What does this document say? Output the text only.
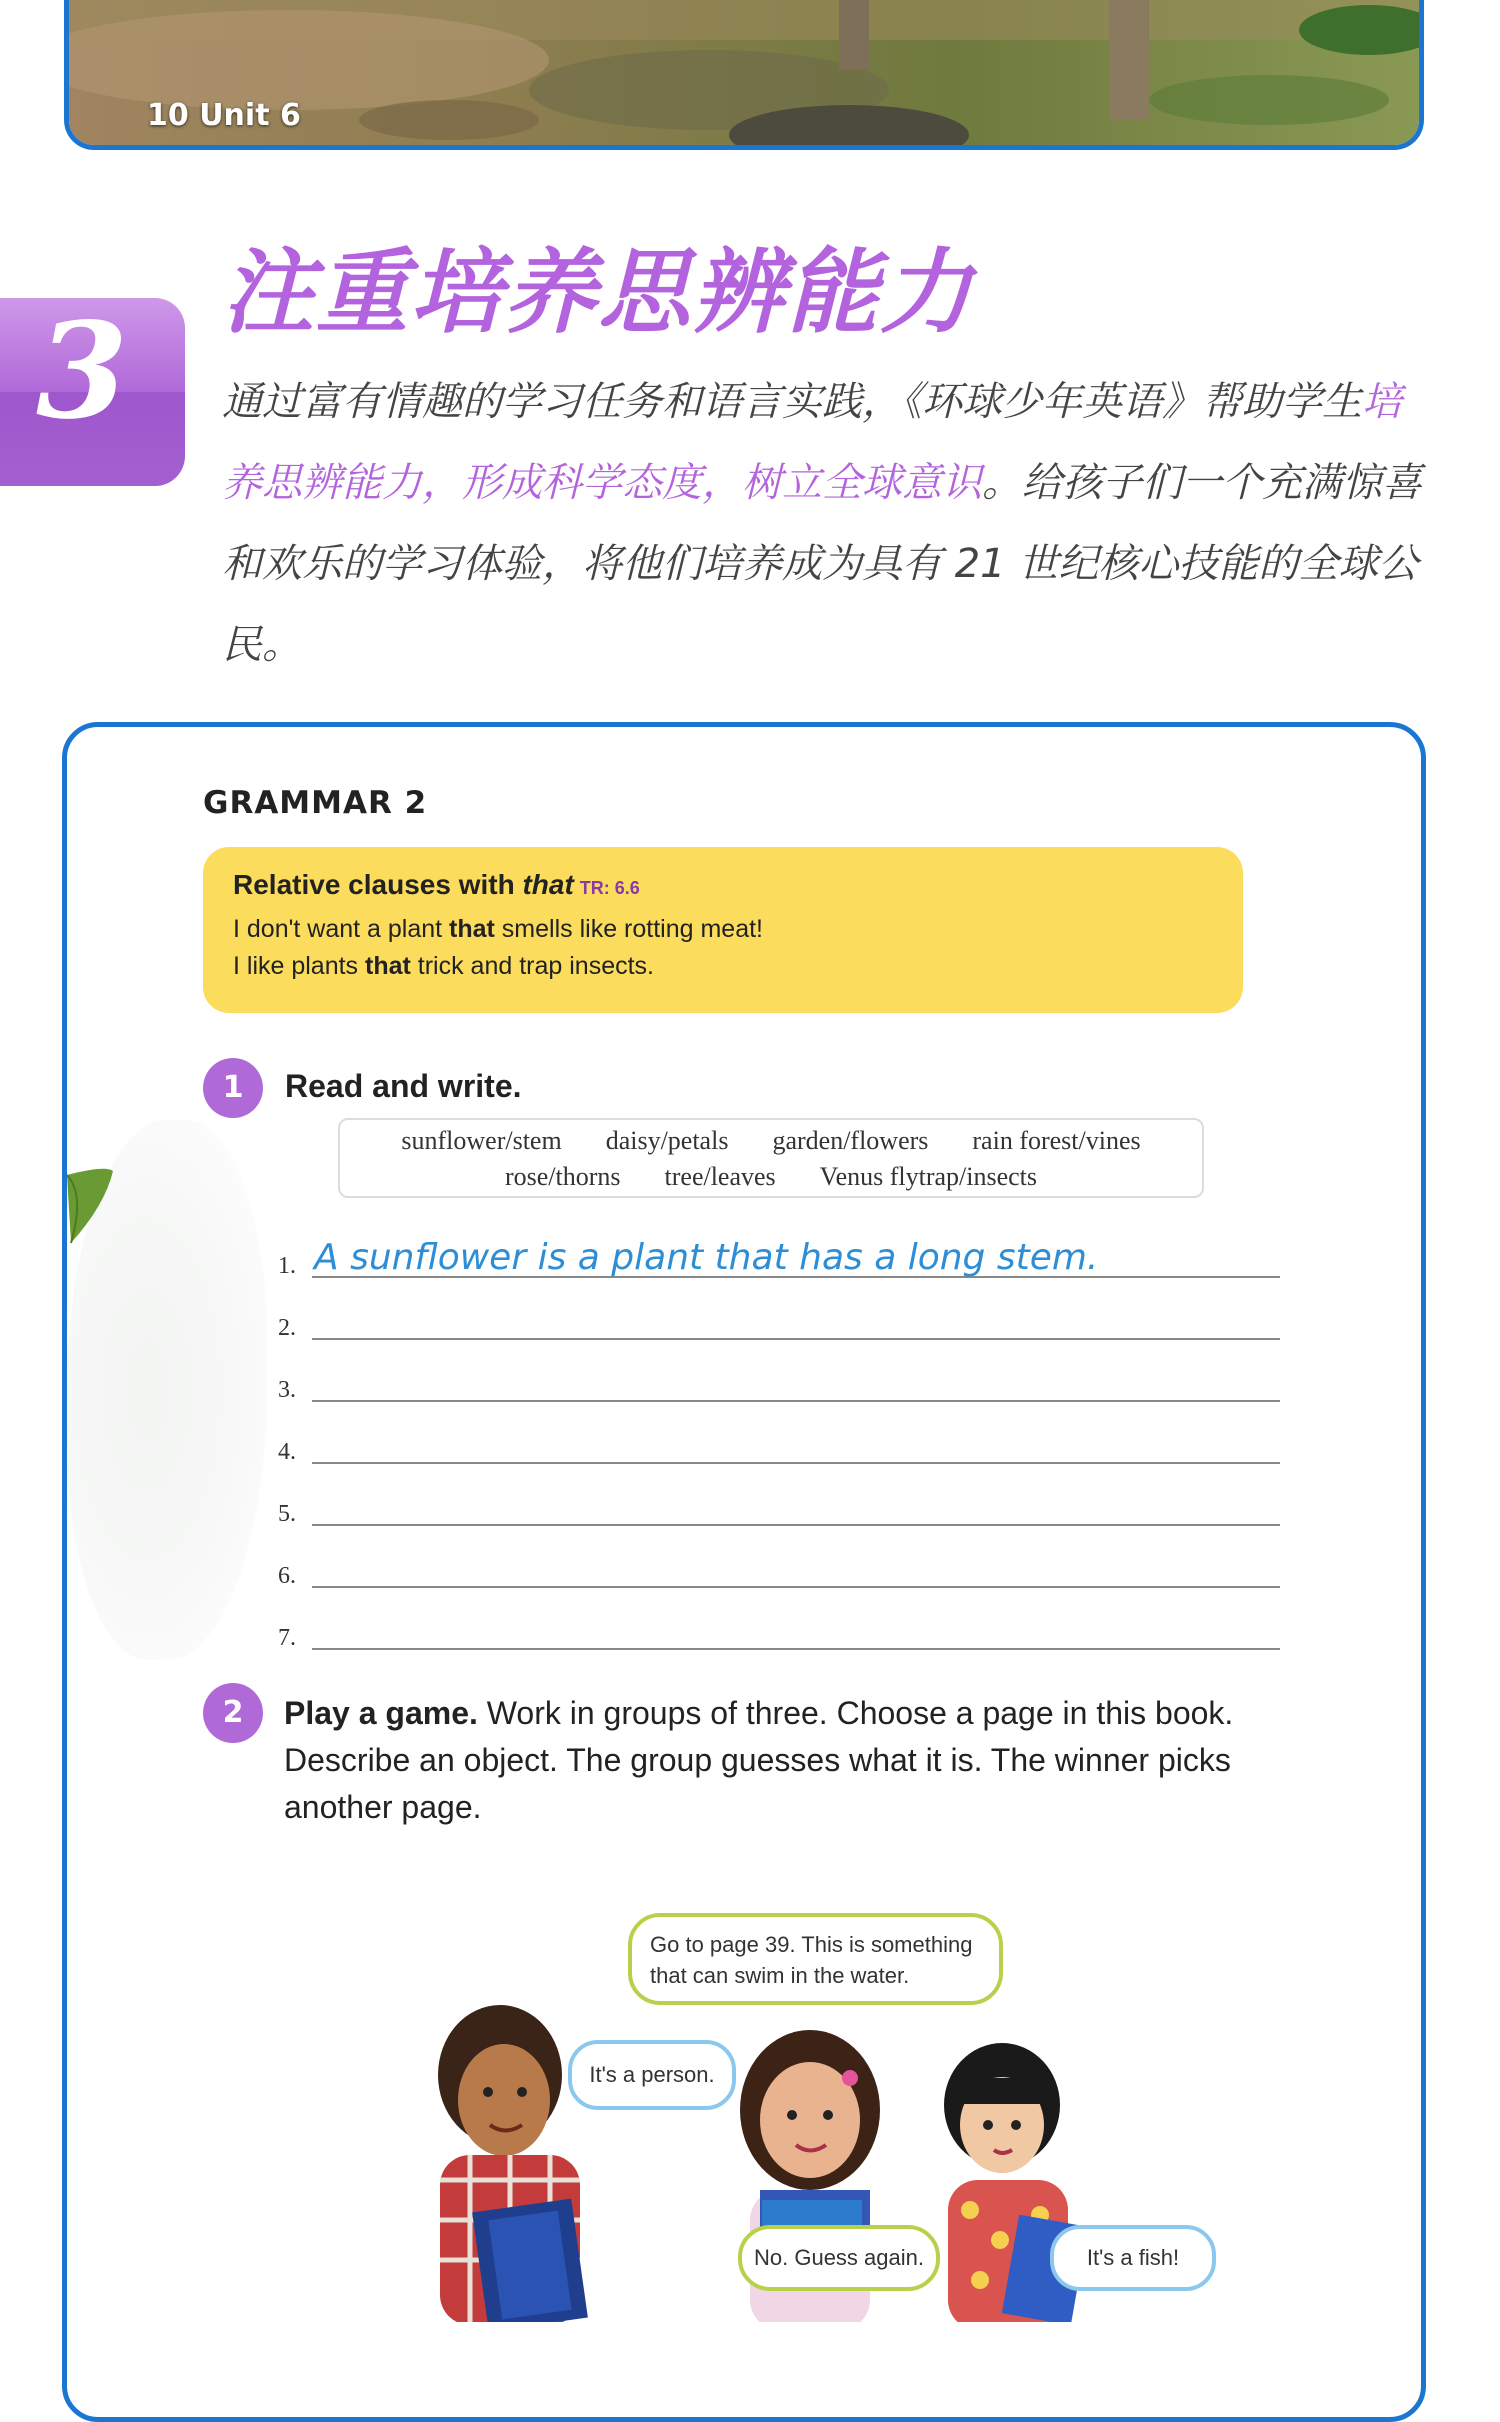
10 Unit 6
3
注重培养思辨能力
通过富有情趣的学习任务和语言实践，《环球少年英语》帮助学生培养思辨能力，形成科学态度，树立全球意识。给孩子们一个充满惊喜和欢乐的学习体验，将他们培养成为具有 21 世纪核心技能的全球公民。
GRAMMAR 2
Relative clauses with that TR: 6.6
I don't want a plant that smells like rotting meat!
I like plants that trick and trap insects.
1	Read and write.
sunflower/stem daisy/petals garden/flowers rain forest/vines
rose/thorns tree/leaves Venus flytrap/insects
1. A sunflower is a plant that has a long stem.
2.
3.
4.
5.
6.
7.
2	Play a game. Work in groups of three. Choose a page in this book. Describe an object. The group guesses what it is. The winner picks another page.
Go to page 39. This is something that can swim in the water.
It's a person.
No. Guess again.	It's a fish!
